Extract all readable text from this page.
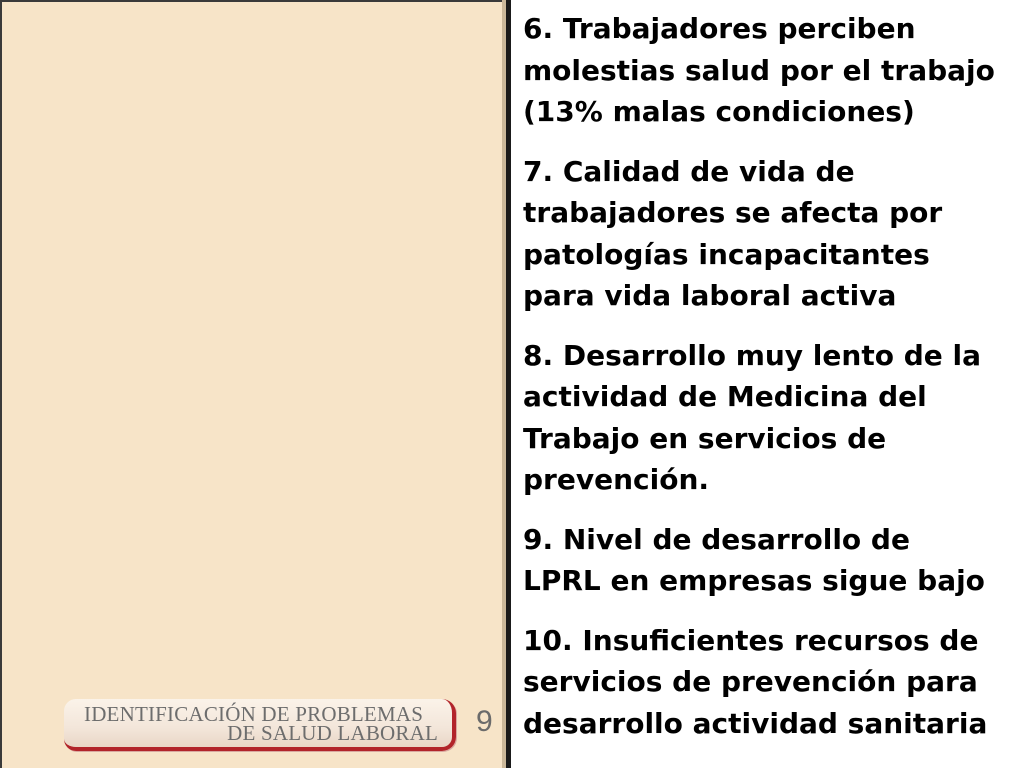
IDENTIFICACIÓN DE PROBLEMAS
DE SALUD LABORAL 9

6. Trabajadores perciben
molestias salud por el trabajo
(13% malas condiciones)

7. Calidad de vida de
trabajadores se afecta por
patologías incapacitantes
para vida laboral activa

8. Desarrollo muy lento de la
actividad de Medicina del
Trabajo en servicios de
prevención.

9. Nivel de desarrollo de
LPRL en empresas sigue bajo

10. Insuficientes recursos de
servicios de prevención para
desarrollo actividad sanitaria
